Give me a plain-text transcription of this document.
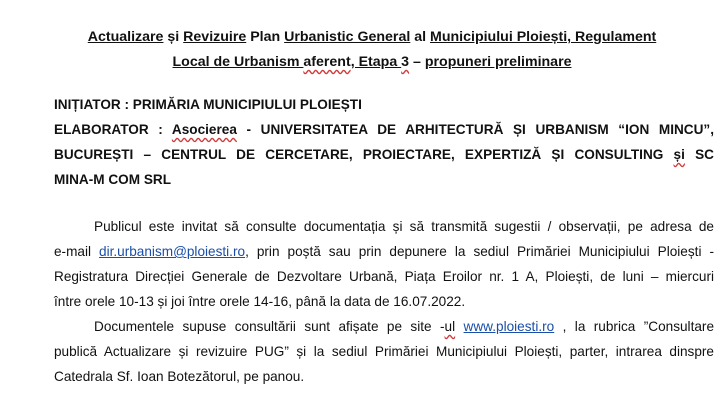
Actualizare și Revizuire Plan Urbanistic General al Municipiului Ploiești, Regulament
Local de Urbanism aferent, Etapa 3 – propuneri preliminare
INIȚIATOR : PRIMĂRIA MUNICIPIULUI PLOIEȘTI
ELABORATOR : Asocierea - UNIVERSITATEA DE ARHITECTURĂ ȘI URBANISM “ION MINCU”,
BUCUREȘTI – CENTRUL DE CERCETARE, PROIECTARE, EXPERTIZĂ ȘI CONSULTING și SC
MINA-M COM SRL
Publicul este invitat să consulte documentația și să transmită sugestii / observații, pe adresa de
e-mail dir.urbanism@ploiesti.ro, prin poștă sau prin depunere la sediul Primăriei Municipiului Ploiești -
Registratura Direcției Generale de Dezvoltare Urbană, Piața Eroilor nr. 1 A, Ploiești, de luni – miercuri
între orele 10-13 și joi între orele 14-16, până la data de 16.07.2022.
Documentele supuse consultării sunt afișate pe site -ul www.ploiesti.ro , la rubrica ”Consultare
publică Actualizare și revizuire PUG” și la sediul Primăriei Municipiului Ploiești, parter, intrarea dinspre
Catedrala Sf. Ioan Botezătorul, pe panou.
